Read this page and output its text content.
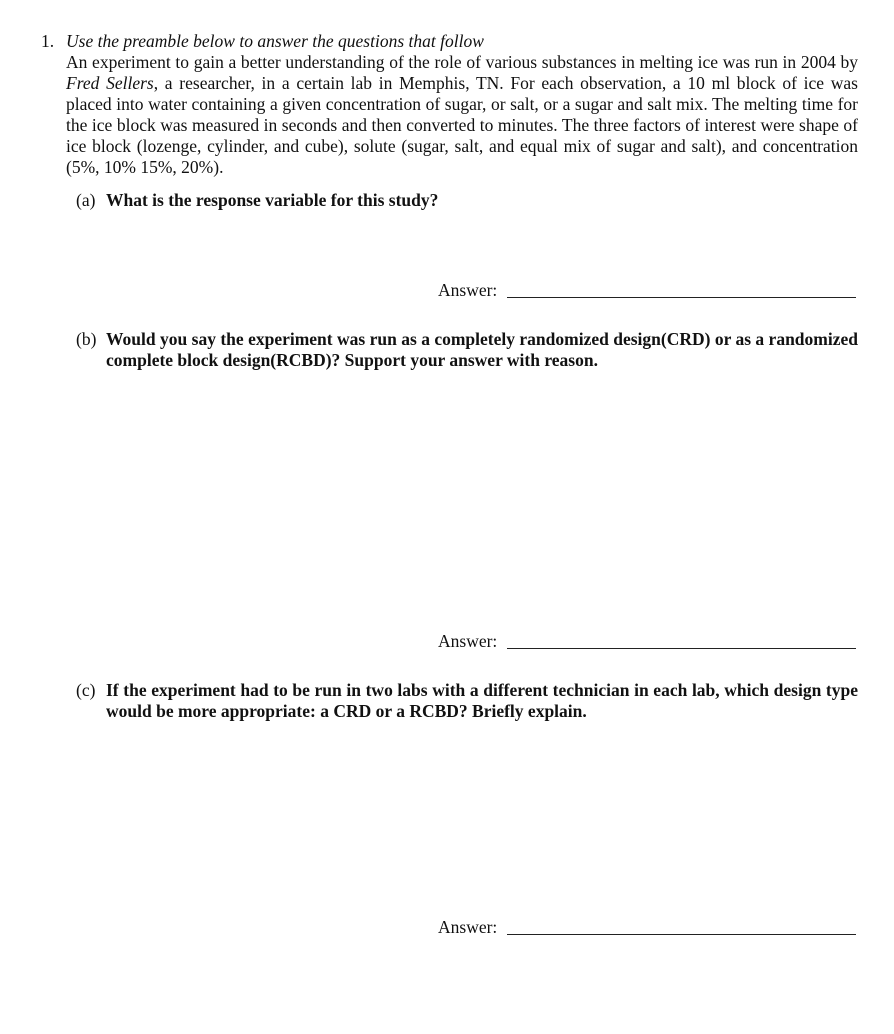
1. Use the preamble below to answer the questions that follow

An experiment to gain a better understanding of the role of various substances in melting ice was run in 2004 by Fred Sellers, a researcher, in a certain lab in Memphis, TN. For each observation, a 10 ml block of ice was placed into water containing a given concentration of sugar, or salt, or a sugar and salt mix. The melting time for the ice block was measured in seconds and then converted to minutes. The three factors of interest were shape of ice block (lozenge, cylinder, and cube), solute (sugar, salt, and equal mix of sugar and salt), and concentration (5%, 10% 15%, 20%).

(a) What is the response variable for this study?
Answer:
(b) Would you say the experiment was run as a completely randomized design(CRD) or as a randomized complete block design(RCBD)? Support your answer with reason.
Answer:
(c) If the experiment had to be run in two labs with a different technician in each lab, which design type would be more appropriate: a CRD or a RCBD? Briefly explain.
Answer:
